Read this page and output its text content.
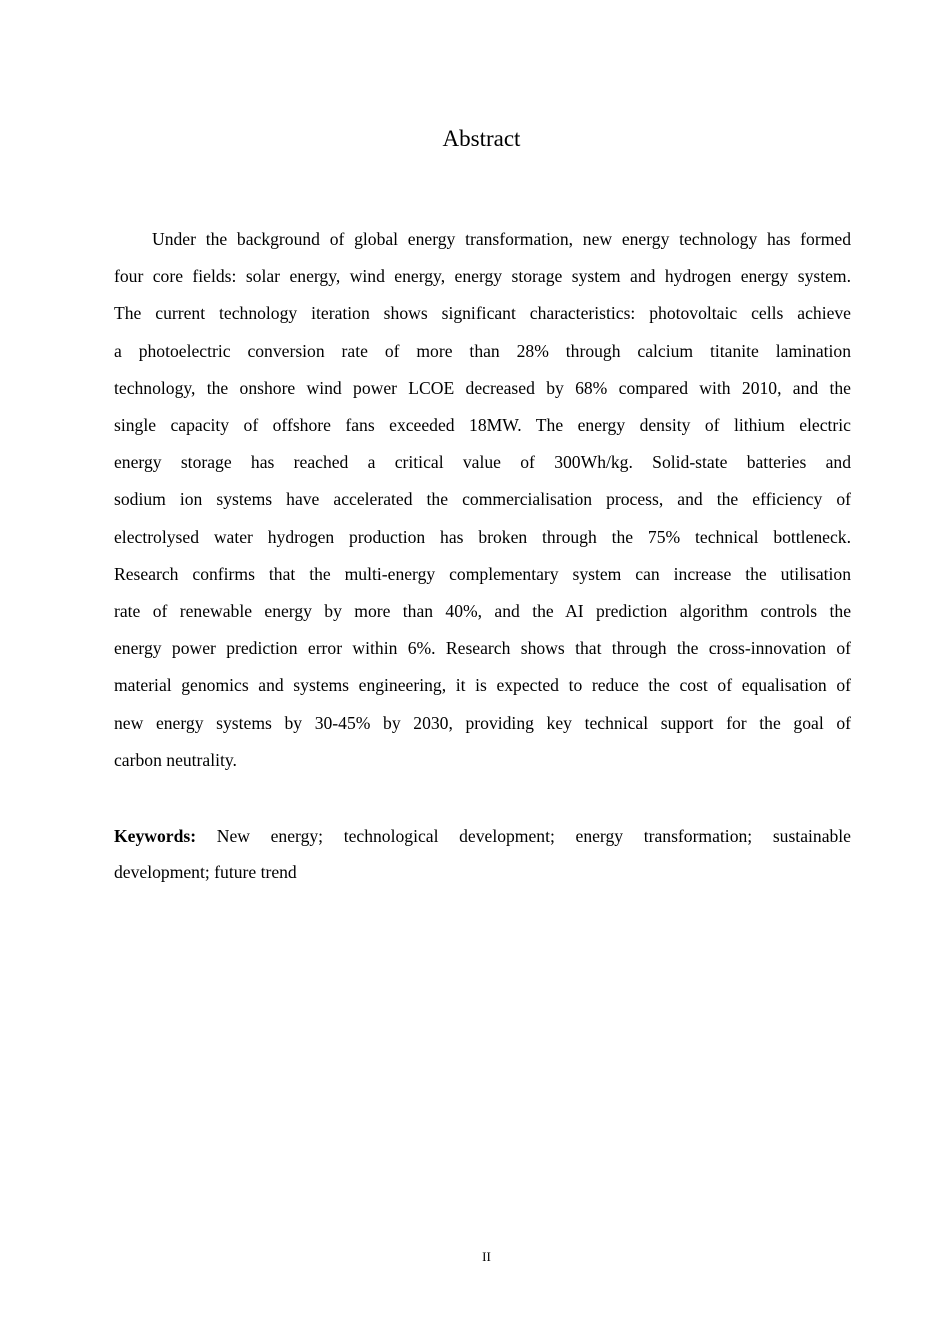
Abstract
Under the background of global energy transformation, new energy technology has formed
four core fields: solar energy, wind energy, energy storage system and hydrogen energy system.
The current technology iteration shows significant characteristics: photovoltaic cells achieve
a photoelectric conversion rate of more than 28% through calcium titanite lamination
technology, the onshore wind power LCOE decreased by 68% compared with 2010, and the
single capacity of offshore fans exceeded 18MW. The energy density of lithium electric
energy storage has reached a critical value of 300Wh/kg. Solid-state batteries and
sodium ion systems have accelerated the commercialisation process, and the efficiency of
electrolysed water hydrogen production has broken through the 75% technical bottleneck.
Research confirms that the multi-energy complementary system can increase the utilisation
rate of renewable energy by more than 40%, and the AI prediction algorithm controls the
energy power prediction error within 6%. Research shows that through the cross-innovation of
material genomics and systems engineering, it is expected to reduce the cost of equalisation of
new energy systems by 30-45% by 2030, providing key technical support for the goal of
carbon neutrality.
Keywords: New energy; technological development; energy transformation; sustainable
development; future trend
II
